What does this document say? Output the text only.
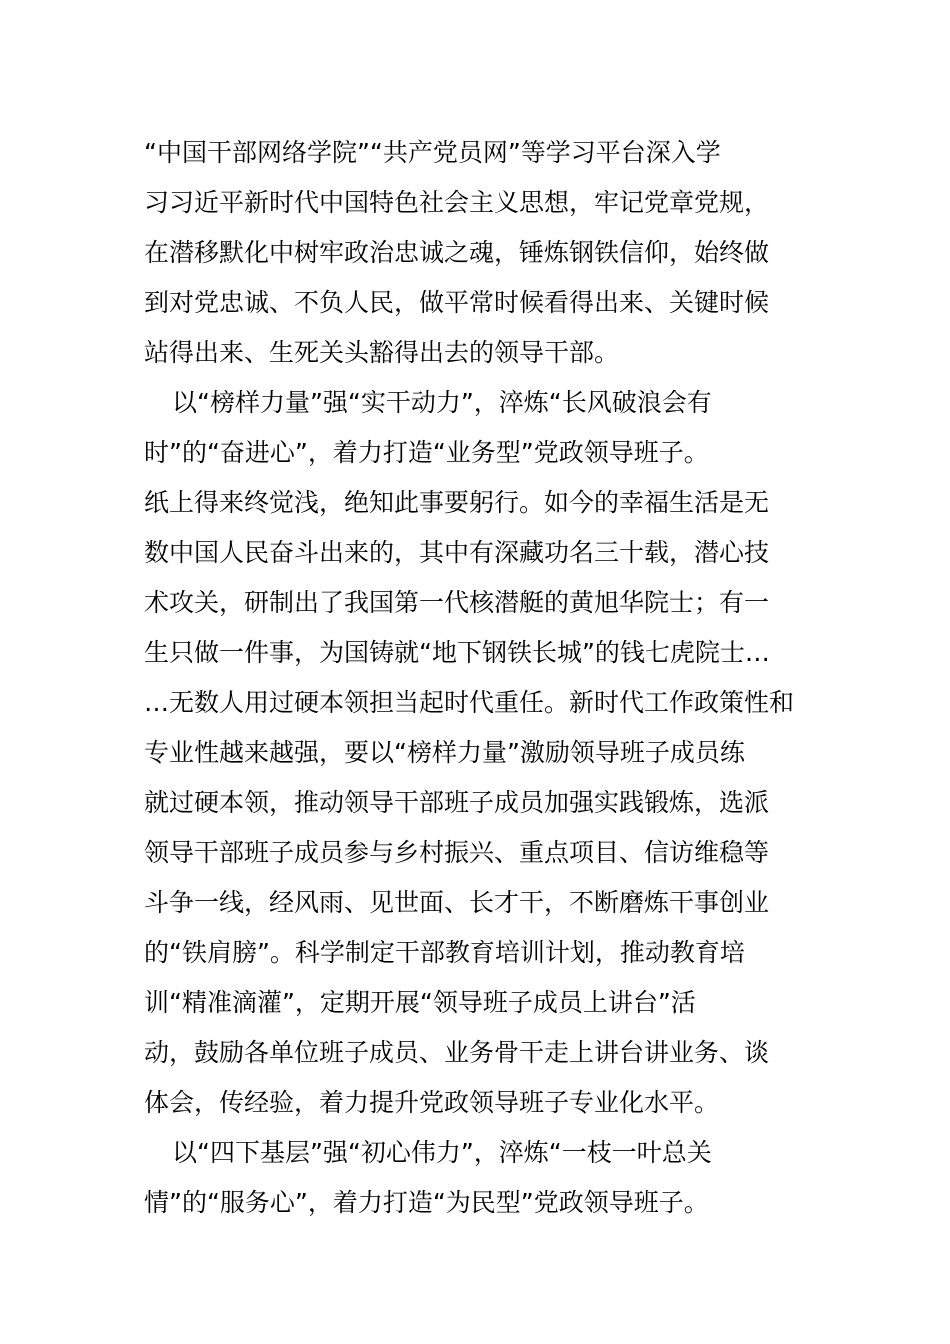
“中国干部网络学院”“共产党员网”等学习平台深入学
习习近平新时代中国特色社会主义思想，牢记党章党规，
在潜移默化中树牢政治忠诚之魂，锤炼钢铁信仰，始终做
到对党忠诚、不负人民，做平常时候看得出来、关键时候
站得出来、生死关头豁得出去的领导干部。
以“榜样力量”强“实干动力”，淬炼“长风破浪会有
时”的“奋进心”，着力打造“业务型”党政领导班子。
纸上得来终觉浅，绝知此事要躬行。如今的幸福生活是无
数中国人民奋斗出来的，其中有深藏功名三十载，潜心技
术攻关，研制出了我国第一代核潜艇的黄旭华院士；有一
生只做一件事，为国铸就“地下钢铁长城”的钱七虎院士…
…无数人用过硬本领担当起时代重任。新时代工作政策性和
专业性越来越强，要以“榜样力量”激励领导班子成员练
就过硬本领，推动领导干部班子成员加强实践锻炼，选派
领导干部班子成员参与乡村振兴、重点项目、信访维稳等
斗争一线，经风雨、见世面、长才干，不断磨炼干事创业
的“铁肩膀”。科学制定干部教育培训计划，推动教育培
训“精准滴灌”，定期开展“领导班子成员上讲台”活
动，鼓励各单位班子成员、业务骨干走上讲台讲业务、谈
体会，传经验，着力提升党政领导班子专业化水平。
以“四下基层”强“初心伟力”，淬炼“一枝一叶总关
情”的“服务心”，着力打造“为民型”党政领导班子。
